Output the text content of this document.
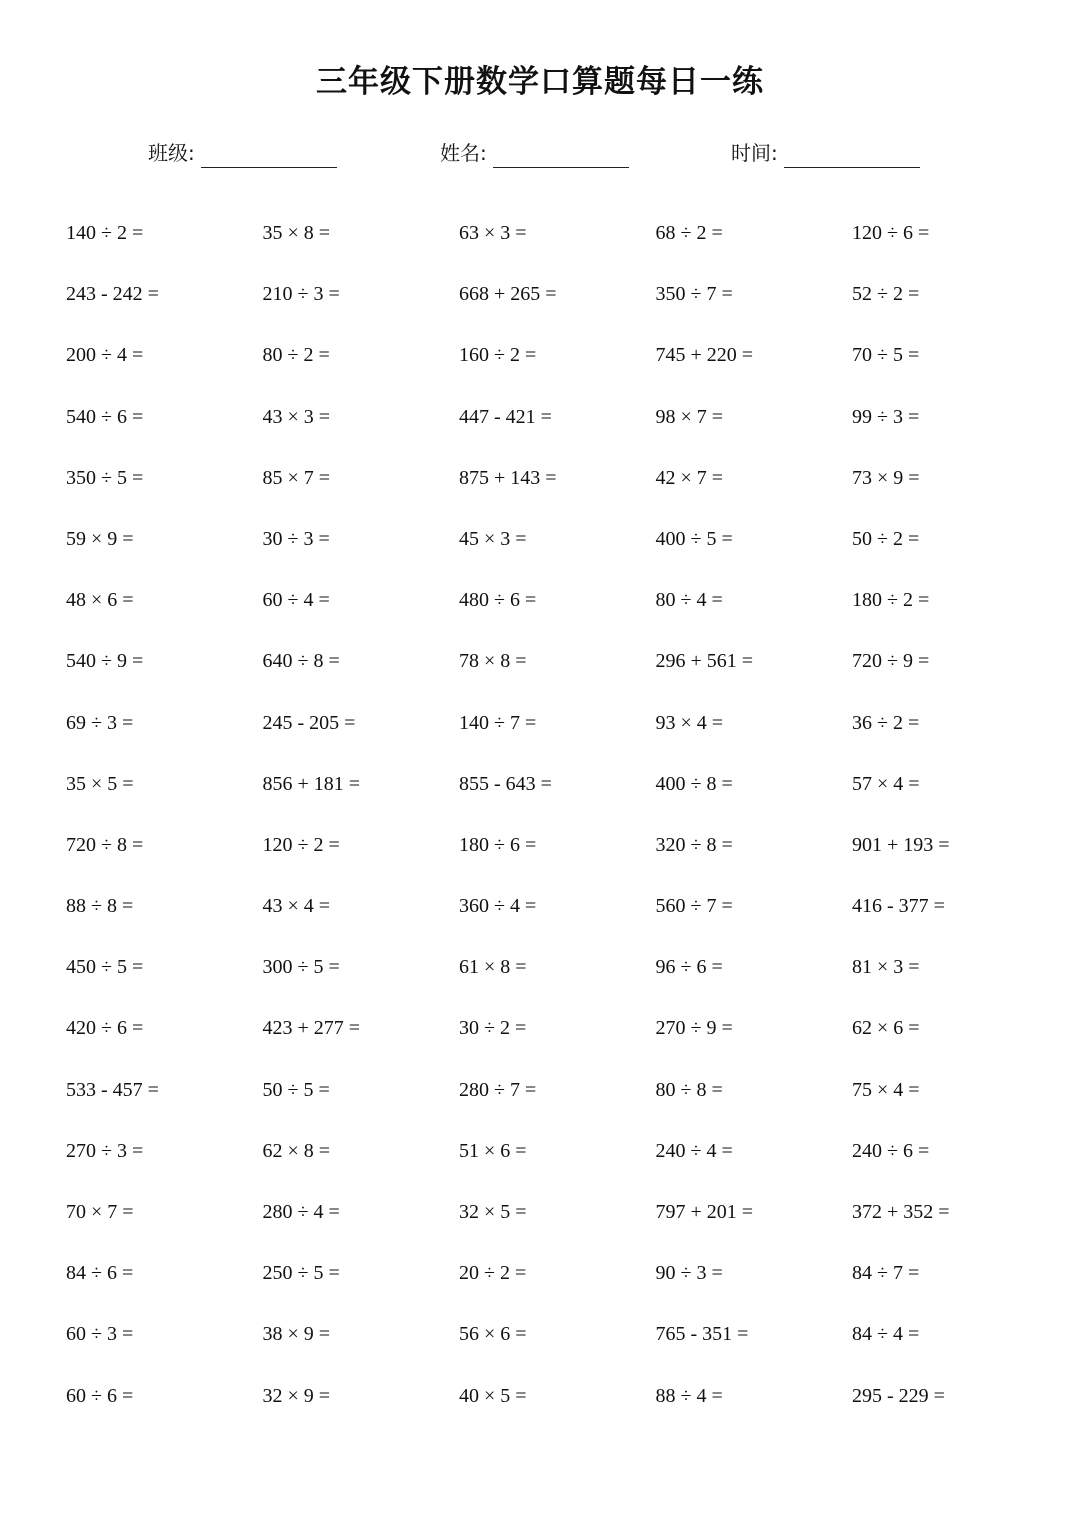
三年级下册数学口算题每日一练
班级:	姓名:	时间:
140 ÷ 2 =	35 × 8 =	63 × 3 =	68 ÷ 2 =	120 ÷ 6 =
243 - 242 =	210 ÷ 3 =	668 + 265 =	350 ÷ 7 =	52 ÷ 2 =
200 ÷ 4 =	80 ÷ 2 =	160 ÷ 2 =	745 + 220 =	70 ÷ 5 =
540 ÷ 6 =	43 × 3 =	447 - 421 =	98 × 7 =	99 ÷ 3 =
350 ÷ 5 =	85 × 7 =	875 + 143 =	42 × 7 =	73 × 9 =
59 × 9 =	30 ÷ 3 =	45 × 3 =	400 ÷ 5 =	50 ÷ 2 =
48 × 6 =	60 ÷ 4 =	480 ÷ 6 =	80 ÷ 4 =	180 ÷ 2 =
540 ÷ 9 =	640 ÷ 8 =	78 × 8 =	296 + 561 =	720 ÷ 9 =
69 ÷ 3 =	245 - 205 =	140 ÷ 7 =	93 × 4 =	36 ÷ 2 =
35 × 5 =	856 + 181 =	855 - 643 =	400 ÷ 8 =	57 × 4 =
720 ÷ 8 =	120 ÷ 2 =	180 ÷ 6 =	320 ÷ 8 =	901 + 193 =
88 ÷ 8 =	43 × 4 =	360 ÷ 4 =	560 ÷ 7 =	416 - 377 =
450 ÷ 5 =	300 ÷ 5 =	61 × 8 =	96 ÷ 6 =	81 × 3 =
420 ÷ 6 =	423 + 277 =	30 ÷ 2 =	270 ÷ 9 =	62 × 6 =
533 - 457 =	50 ÷ 5 =	280 ÷ 7 =	80 ÷ 8 =	75 × 4 =
270 ÷ 3 =	62 × 8 =	51 × 6 =	240 ÷ 4 =	240 ÷ 6 =
70 × 7 =	280 ÷ 4 =	32 × 5 =	797 + 201 =	372 + 352 =
84 ÷ 6 =	250 ÷ 5 =	20 ÷ 2 =	90 ÷ 3 =	84 ÷ 7 =
60 ÷ 3 =	38 × 9 =	56 × 6 =	765 - 351 =	84 ÷ 4 =
60 ÷ 6 =	32 × 9 =	40 × 5 =	88 ÷ 4 =	295 - 229 =
